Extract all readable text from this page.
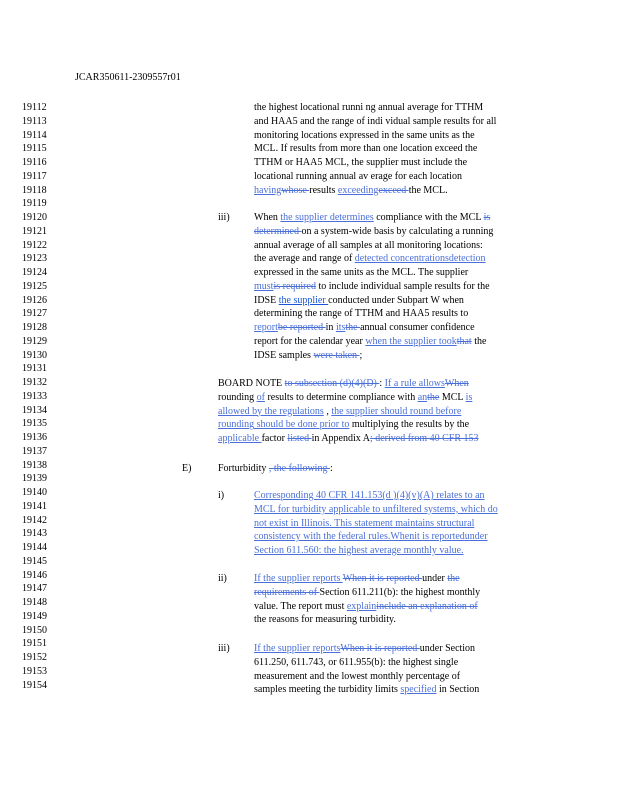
JCAR350611-2309557r01
19112
19113
19114
19115
19116
19117
19118
19119
19120
19121
19122
19123
19124
19125
19126
19127
19128
19129
19130
19131
19132
19133
19134
19135
19136
19137
19138
19139
19140
19141
19142
19143
19144
19145
19146
19147
19148
19149
19150
19151
19152
19153
19154
the highest locational runni ng annual average for TTHM
and HAA5 and the range of indi vidual sample results for all
monitoring locations expressed in the same units as the
MCL. If results from more than one location exceed the
TTHM or HAA5 MCL, the supplier must include the
locational running annual av erage for each location
havingwhose results exceedingexceed the MCL.
iii) When the supplier determines compliance with the MCL is
determined on a system-wide basis by calculating a running
annual average of all samples at all monitoring locations:
the average and range of detected concentrationsdetection
expressed in the same units as the MCL. The supplier
mustis required to include individual sample results for the
IDSE the supplier conducted under Subpart W when
determining the range of TTHM and HAA5 results to
reportbe reported in itsthe annual consumer confidence
report for the calendar year when the supplier tookthat the
IDSE samples were taken ;
BOARD NOTE to subsection (d)(4)(D) : If a rule allowsWhen
rounding of results to determine compliance with anthe MCL is
allowed by the regulations , the supplier should round before
rounding should be done prior to multiplying the results by the
applicable factor listed in Appendix A; derived from 40 CFR 153
E)	Forturbidity , the following :
i)	Corresponding 40 CFR 141.153(d )(4)(v)(A) relates to an
MCL for turbidity applicable to unfiltered systems, which do
not exist in Illinois. This statement maintains structural
consistency with the federal rules.Whenit is reportedunder
Section 611.560: the highest average monthly value.
ii)	If the supplier reports When it is reported under the
requirements of Section 611.211(b): the highest monthly
value. The report must explaininclude an explanation of
the reasons for measuring turbidity.
iii) If the supplier reportsWhen it is reported under Section
611.250, 611.743, or 611.955(b): the highest single
measurement and the lowest monthly percentage of
samples meeting the turbidity limits specified in Section
